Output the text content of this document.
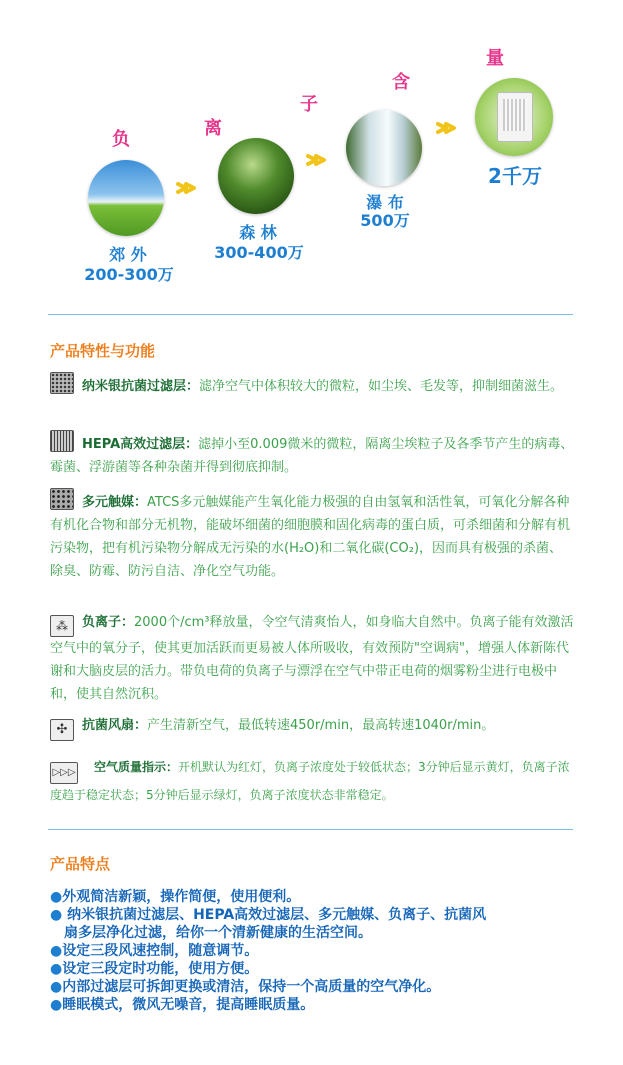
负
离
子
含
量
郊 外
200-300万
森 林
300-400万
瀑 布
500万
2千万
产品特性与功能
纳米银抗菌过滤层：滤净空气中体积较大的微粒，如尘埃、毛发等，抑制细菌滋生。
HEPA高效过滤层：滤掉小至0.009微米的微粒，隔离尘埃粒子及各季节产生的病毒、霉菌、浮游菌等各种杂菌并得到彻底抑制。
多元触媒：ATCS多元触媒能产生氧化能力极强的自由氢氧和活性氧，可氧化分解各种有机化合物和部分无机物，能破坏细菌的细胞膜和固化病毒的蛋白质，可杀细菌和分解有机污染物，把有机污染物分解成无污染的水(H₂O)和二氧化碳(CO₂)，因而具有极强的杀菌、除臭、防霉、防污自洁、净化空气功能。
⁂ 负离子：2000个/cm³释放量，令空气清爽怡人，如身临大自然中。负离子能有效激活空气中的氧分子，使其更加活跃而更易被人体所吸收，有效预防"空调病"，增强人体新陈代谢和大脑皮层的活力。带负电荷的负离子与漂浮在空气中带正电荷的烟雾粉尘进行电极中和，使其自然沉积。
✣ 抗菌风扇：产生清新空气，最低转速450r/min，最高转速1040r/min。
▷▷▷ 空气质量指示：开机默认为红灯，负离子浓度处于较低状态；3分钟后显示黄灯，负离子浓度趋于稳定状态；5分钟后显示绿灯，负离子浓度状态非常稳定。
产品特点
●外观简洁新颖，操作简便，使用便利。
● 纳米银抗菌过滤层、HEPA高效过滤层、多元触媒、负离子、抗菌风
扇多层净化过滤，给你一个清新健康的生活空间。
●设定三段风速控制，随意调节。
●设定三段定时功能，使用方便。
●内部过滤层可拆卸更换或清洁，保持一个高质量的空气净化。
●睡眠模式，微风无噪音，提高睡眠质量。
